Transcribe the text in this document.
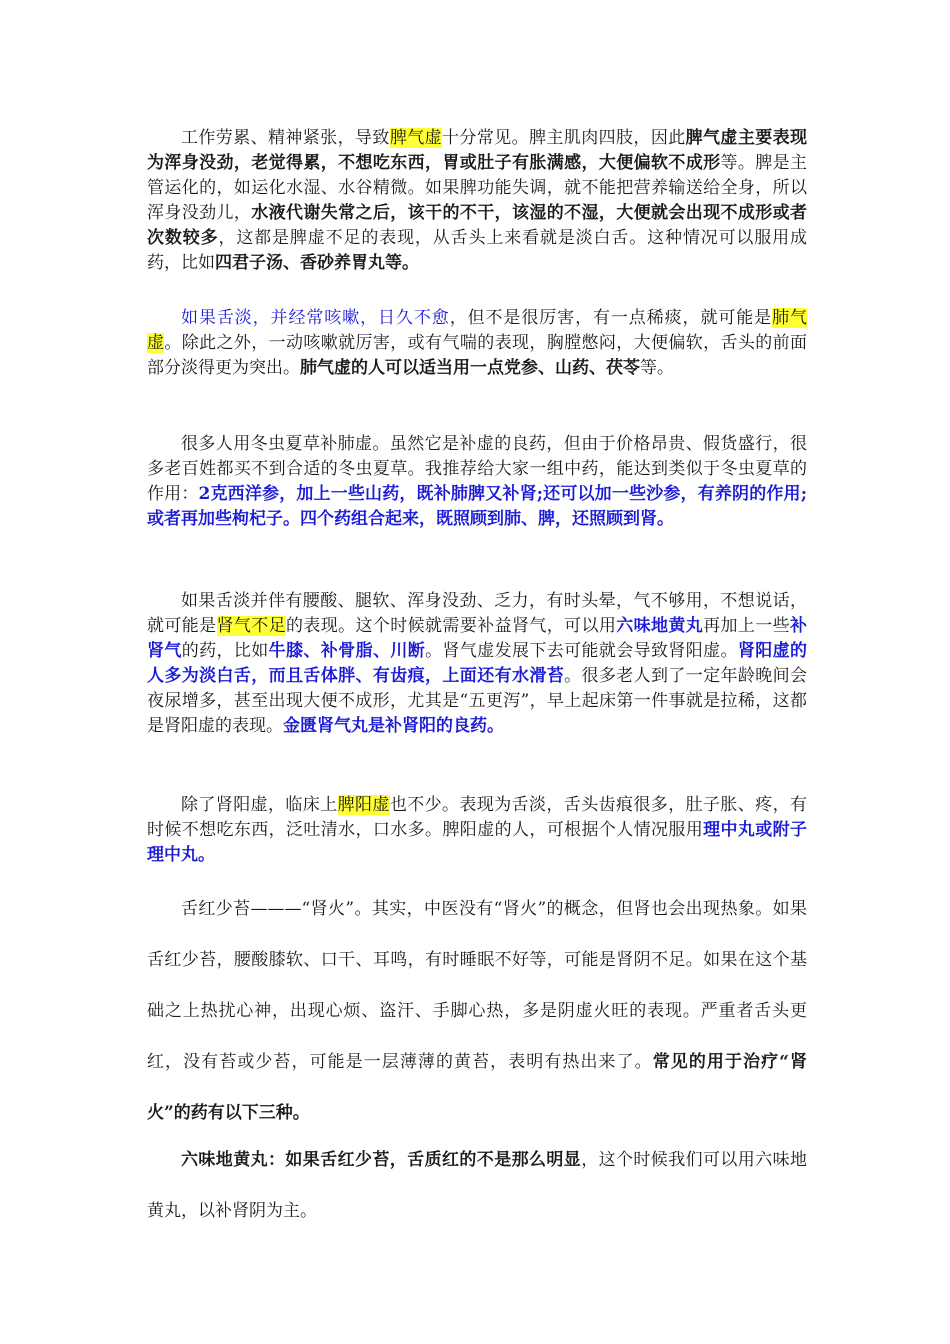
工作劳累、精神紧张，导致脾气虚十分常见。脾主肌肉四肢，因此脾气虚主要表现为浑身没劲，老觉得累，不想吃东西，胃或肚子有胀满感，大便偏软不成形等。脾是主管运化的，如运化水湿、水谷精微。如果脾功能失调，就不能把营养输送给全身，所以浑身没劲儿，水液代谢失常之后，该干的不干，该湿的不湿，大便就会出现不成形或者次数较多，这都是脾虚不足的表现，从舌头上来看就是淡白舌。这种情况可以服用成药，比如四君子汤、香砂养胃丸等。

如果舌淡，并经常咳嗽，日久不愈，但不是很厉害，有一点稀痰，就可能是肺气虚。除此之外，一动咳嗽就厉害，或有气喘的表现，胸膛憋闷，大便偏软，舌头的前面部分淡得更为突出。肺气虚的人可以适当用一点党参、山药、茯苓等。

很多人用冬虫夏草补肺虚。虽然它是补虚的良药，但由于价格昂贵、假货盛行，很多老百姓都买不到合适的冬虫夏草。我推荐给大家一组中药，能达到类似于冬虫夏草的作用：2克西洋参，加上一些山药，既补肺脾又补肾;还可以加一些沙参，有养阴的作用;或者再加些枸杞子。四个药组合起来，既照顾到肺、脾，还照顾到肾。

如果舌淡并伴有腰酸、腿软、浑身没劲、乏力，有时头晕，气不够用，不想说话，就可能是肾气不足的表现。这个时候就需要补益肾气，可以用六味地黄丸再加上一些补肾气的药，比如牛膝、补骨脂、川断。肾气虚发展下去可能就会导致肾阳虚。肾阳虚的人多为淡白舌，而且舌体胖、有齿痕，上面还有水滑苔。很多老人到了一定年龄晚间会夜尿增多，甚至出现大便不成形，尤其是“五更泻”，早上起床第一件事就是拉稀，这都是肾阳虚的表现。金匮肾气丸是补肾阳的良药。

除了肾阳虚，临床上脾阳虚也不少。表现为舌淡，舌头齿痕很多，肚子胀、疼，有时候不想吃东西，泛吐清水，口水多。脾阳虚的人，可根据个人情况服用理中丸或附子理中丸。

舌红少苔———“肾火”。其实，中医没有“肾火”的概念，但肾也会出现热象。如果舌红少苔，腰酸膝软、口干、耳鸣，有时睡眠不好等，可能是肾阴不足。如果在这个基础之上热扰心神，出现心烦、盗汗、手脚心热，多是阴虚火旺的表现。严重者舌头更红，没有苔或少苔，可能是一层薄薄的黄苔，表明有热出来了。常见的用于治疗“肾火”的药有以下三种。

六味地黄丸：如果舌红少苔，舌质红的不是那么明显，这个时候我们可以用六味地黄丸，以补肾阴为主。
